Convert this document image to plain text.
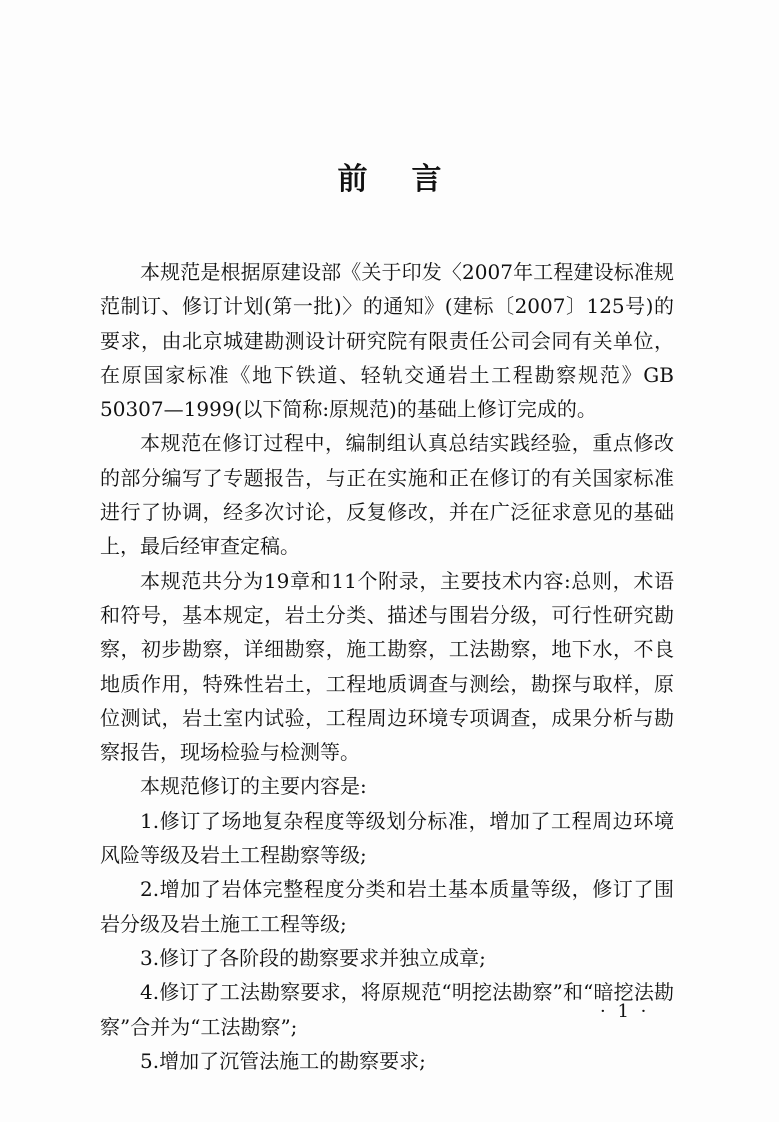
前言

本规范是根据原建设部《关于印发〈2007年工程建设标准规范制订、修订计划(第一批)〉的通知》(建标〔2007〕125号)的要求，由北京城建勘测设计研究院有限责任公司会同有关单位，在原国家标准《地下铁道、轻轨交通岩土工程勘察规范》GB 50307—1999(以下简称:原规范)的基础上修订完成的。

本规范在修订过程中，编制组认真总结实践经验，重点修改的部分编写了专题报告，与正在实施和正在修订的有关国家标准进行了协调，经多次讨论，反复修改，并在广泛征求意见的基础上，最后经审查定稿。

本规范共分为19章和11个附录，主要技术内容:总则，术语和符号，基本规定，岩土分类、描述与围岩分级，可行性研究勘察，初步勘察，详细勘察，施工勘察，工法勘察，地下水，不良地质作用，特殊性岩土，工程地质调查与测绘，勘探与取样，原位测试，岩土室内试验，工程周边环境专项调查，成果分析与勘察报告，现场检验与检测等。

本规范修订的主要内容是:

1.修订了场地复杂程度等级划分标准，增加了工程周边环境风险等级及岩土工程勘察等级;

2.增加了岩体完整程度分类和岩土基本质量等级，修订了围岩分级及岩土施工工程等级;

3.修订了各阶段的勘察要求并独立成章;

4.修订了工法勘察要求，将原规范“明挖法勘察”和“暗挖法勘察”合并为“工法勘察”;

5.增加了沉管法施工的勘察要求;

· 1 ·
